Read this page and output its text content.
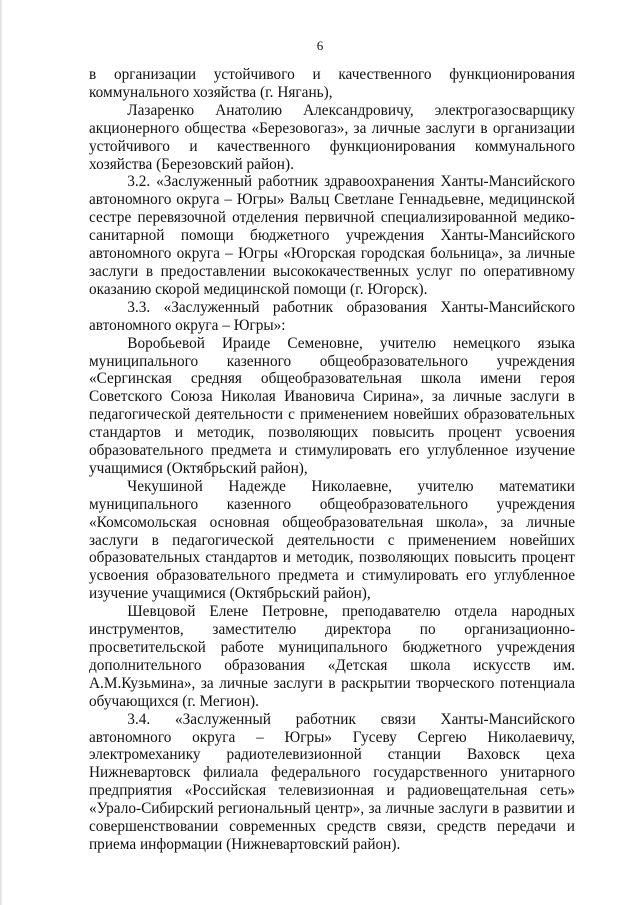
6

в организации устойчивого и качественного функционирования коммунального хозяйства (г. Нягань),

Лазаренко Анатолию Александровичу, электрогазосварщику акционерного общества «Березовогаз», за личные заслуги в организации устойчивого и качественного функционирования коммунального хозяйства (Березовский район).

3.2. «Заслуженный работник здравоохранения Ханты-Мансийского автономного округа – Югры» Вальц Светлане Геннадьевне, медицинской сестре перевязочной отделения первичной специализированной медико-санитарной помощи бюджетного учреждения Ханты-Мансийского автономного округа – Югры «Югорская городская больница», за личные заслуги в предоставлении высококачественных услуг по оперативному оказанию скорой медицинской помощи (г. Югорск).

3.3. «Заслуженный работник образования Ханты-Мансийского автономного округа – Югры»:

Воробьевой Ираиде Семеновне, учителю немецкого языка муниципального казенного общеобразовательного учреждения «Сергинская средняя общеобразовательная школа имени героя Советского Союза Николая Ивановича Сирина», за личные заслуги в педагогической деятельности с применением новейших образовательных стандартов и методик, позволяющих повысить процент усвоения образовательного предмета и стимулировать его углубленное изучение учащимися (Октябрьский район),

Чекушиной Надежде Николаевне, учителю математики муниципального казенного общеобразовательного учреждения «Комсомольская основная общеобразовательная школа», за личные заслуги в педагогической деятельности с применением новейших образовательных стандартов и методик, позволяющих повысить процент усвоения образовательного предмета и стимулировать его углубленное изучение учащимися (Октябрьский район),

Шевцовой Елене Петровне, преподавателю отдела народных инструментов, заместителю директора по организационно-просветительской работе муниципального бюджетного учреждения дополнительного образования «Детская школа искусств им. А.М.Кузьмина», за личные заслуги в раскрытии творческого потенциала обучающихся (г. Мегион).

3.4. «Заслуженный работник связи Ханты-Мансийского автономного округа – Югры» Гусеву Сергею Николаевичу, электромеханику радиотелевизионной станции Ваховск цеха Нижневартовск филиала федерального государственного унитарного предприятия «Российская телевизионная и радиовещательная сеть» «Урало-Сибирский региональный центр», за личные заслуги в развитии и совершенствовании современных средств связи, средств передачи и приема информации (Нижневартовский район).
